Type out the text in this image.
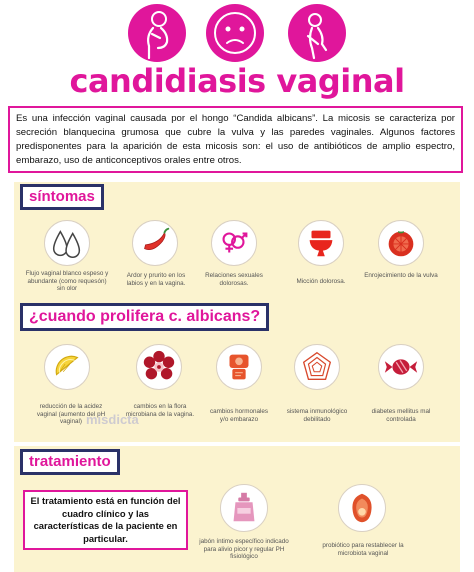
candidiasis vaginal
Es una infección vaginal causada por el hongo “Candida albicans”. La micosis se caracteriza por secreción blanquecina grumosa que cubre la vulva y las paredes vaginales. Algunos factores predisponentes para la aparición de esta micosis son: el uso de antibióticos de amplio espectro, embarazo, uso de anticonceptivos orales entre otros.
síntomas
¿cuando prolifera c. albicans?
tratamiento
Flujo vaginal blanco espeso y abundante (como requesón) sin olor
Ardor y prurito en los labios y en la vagina.
Relaciones sexuales dolorosas.	Micción dolorosa.
Enrojecimiento de la vulva
reducción de la acidez vaginal (aumento del pH vaginal)
cambios en la flora microbiana de la vagina.	cambios hormonales y/o embarazo
sistema inmunológico debilitado
diabetes mellitus mal controlada
misdicta
El tratamiento está en función del cuadro clínico y las características de la paciente en particular.	jabón íntimo específico indicado para alivio picor y regular PH fisiológico
probiótico para restablecer la microbiota vaginal
